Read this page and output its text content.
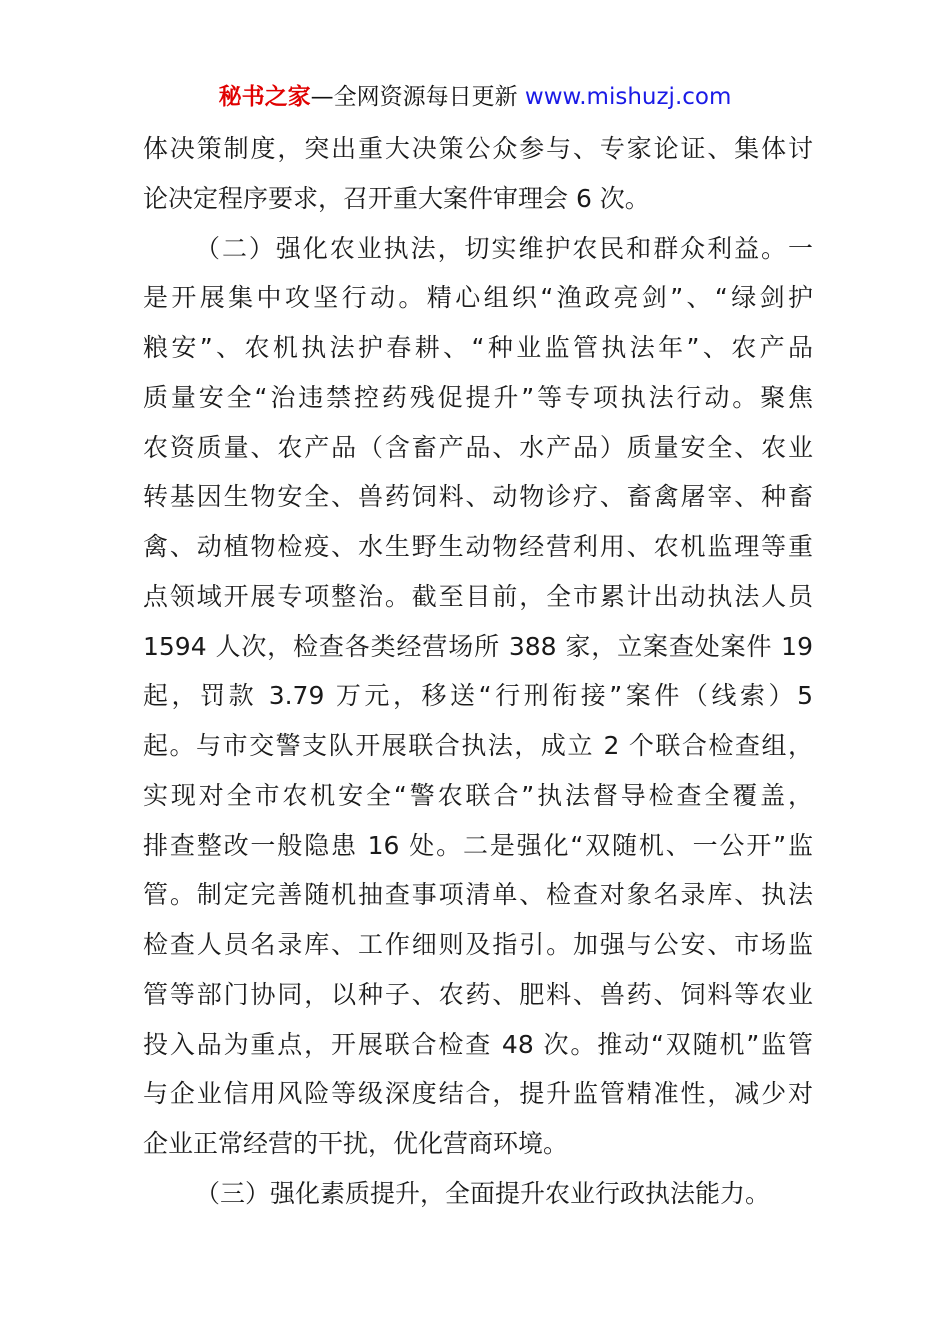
秘书之家—全网资源每日更新 www.mishuzj.com
体决策制度，突出重大决策公众参与、专家论证、集体讨
论决定程序要求，召开重大案件审理会 6 次。
（二）强化农业执法，切实维护农民和群众利益。一
是开展集中攻坚行动。精心组织“渔政亮剑”、“绿剑护
粮安”、农机执法护春耕、“种业监管执法年”、农产品
质量安全“治违禁控药残促提升”等专项执法行动。聚焦
农资质量、农产品（含畜产品、水产品）质量安全、农业
转基因生物安全、兽药饲料、动物诊疗、畜禽屠宰、种畜
禽、动植物检疫、水生野生动物经营利用、农机监理等重
点领域开展专项整治。截至目前，全市累计出动执法人员
1594 人次，检查各类经营场所 388 家，立案查处案件 19
起，罚款 3.79 万元，移送“行刑衔接”案件（线索）5
起。与市交警支队开展联合执法，成立 2 个联合检查组，
实现对全市农机安全“警农联合”执法督导检查全覆盖，
排查整改一般隐患 16 处。二是强化“双随机、一公开”监
管。制定完善随机抽查事项清单、检查对象名录库、执法
检查人员名录库、工作细则及指引。加强与公安、市场监
管等部门协同，以种子、农药、肥料、兽药、饲料等农业
投入品为重点，开展联合检查 48 次。推动“双随机”监管
与企业信用风险等级深度结合，提升监管精准性，减少对
企业正常经营的干扰，优化营商环境。
（三）强化素质提升，全面提升农业行政执法能力。
